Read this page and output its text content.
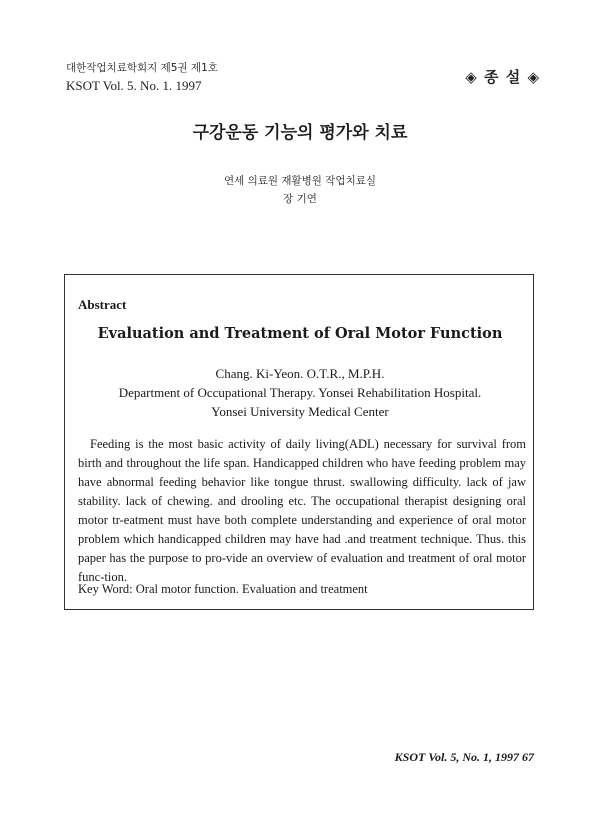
대한작업치료학회지 제5권 제1호
KSOT Vol. 5. No. 1. 1997	◈ 종 설 ◈
구강운동 기능의 평가와 치료
연세 의료원 재활병원 작업치료실
장 기연
Abstract
Evaluation and Treatment of Oral Motor Function
Chang. Ki-Yeon. O.T.R., M.P.H.
Department of Occupational Therapy. Yonsei Rehabilitation Hospital.
Yonsei University Medical Center
Feeding is the most basic activity of daily living(ADL) necessary for survival from birth and throughout the life span. Handicapped children who have feeding problem may have abnormal feeding behavior like tongue thrust. swallowing difficulty. lack of jaw stability. lack of chewing. and drooling etc. The occupational therapist designing oral motor tr-eatment must have both complete understanding and experience of oral motor problem which handicapped children may have had .and treatment technique. Thus. this paper has the purpose to pro-vide an overview of evaluation and treatment of oral motor func-tion.
Key Word: Oral motor function. Evaluation and treatment
KSOT Vol. 5, No. 1, 1997 67
